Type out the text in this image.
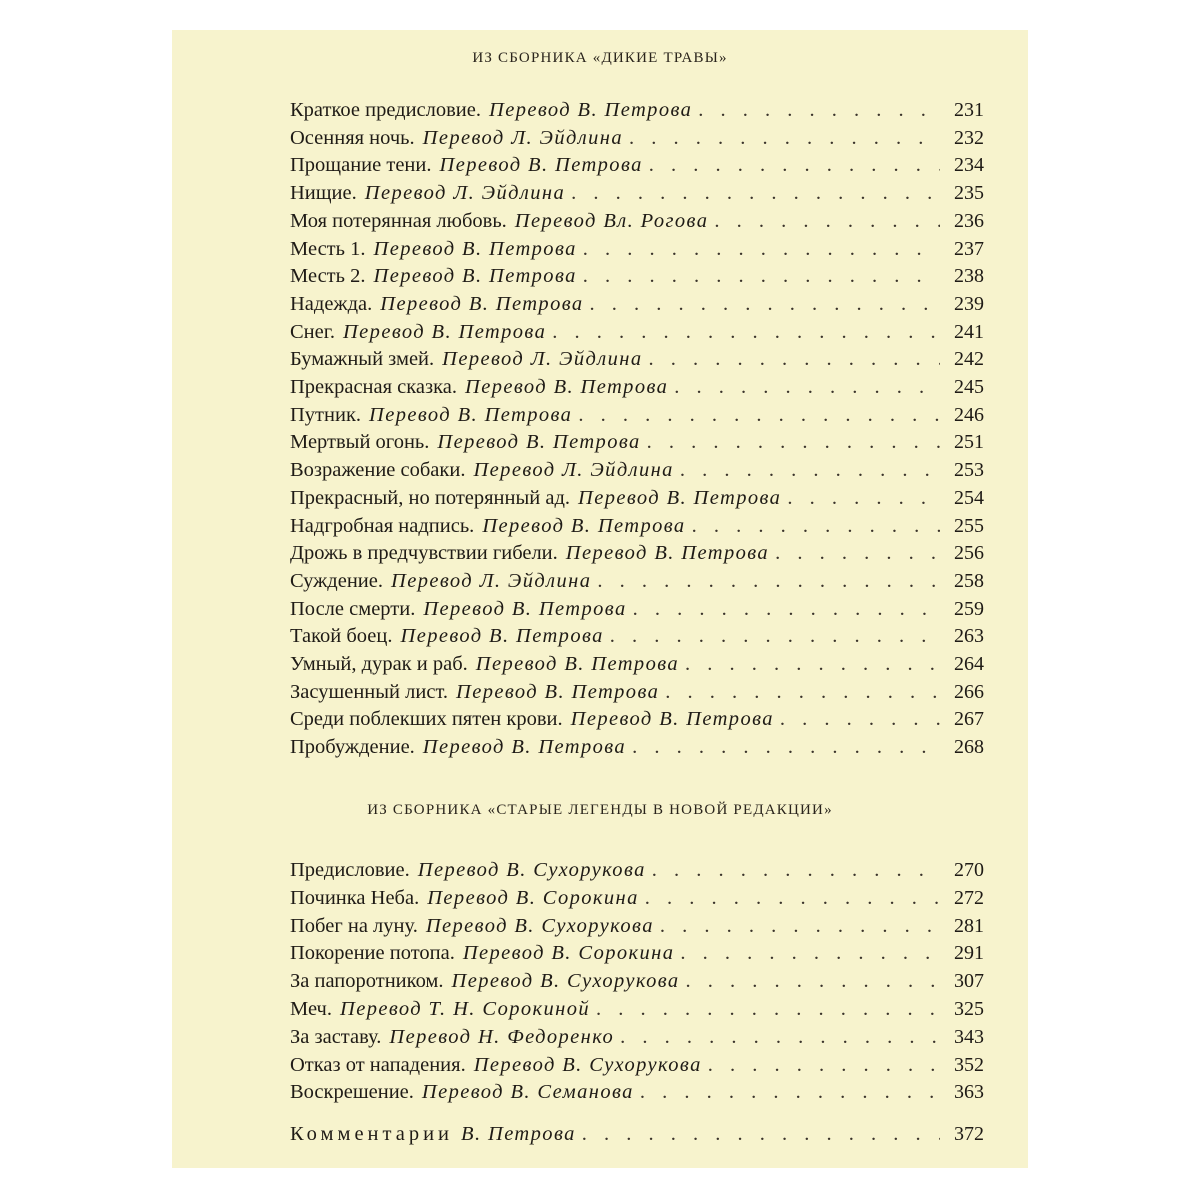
ИЗ СБОРНИКА «ДИКИЕ ТРАВЫ»
ИЗ СБОРНИКА «СТАРЫЕ ЛЕГЕНДЫ В НОВОЙ РЕДАКЦИИ»
Краткое предисловие. Перевод В. Петрова . . .	231
Осенняя ночь. Перевод Л. Эйдлина . . .	232
Прощание тени. Перевод В. Петрова . . .	234
Нищие. Перевод Л. Эйдлина . . .	235
Моя потерянная любовь. Перевод Вл. Рогова . . .	236
Месть 1. Перевод В. Петрова . . .	237
Месть 2. Перевод В. Петрова . . .	238
Надежда. Перевод В. Петрова . . .	239
Снег. Перевод В. Петрова . . .	241
Бумажный змей. Перевод Л. Эйдлина . . .	242
Прекрасная сказка. Перевод В. Петрова . . .	245
Путник. Перевод В. Петрова . . .	246
Мертвый огонь. Перевод В. Петрова . . .	251
Возражение собаки. Перевод Л. Эйдлина . . .	253
Прекрасный, но потерянный ад. Перевод В. Петрова . . .	254
Надгробная надпись. Перевод В. Петрова . . .	255
Дрожь в предчувствии гибели. Перевод В. Петрова . . .	256
Суждение. Перевод Л. Эйдлина . . .	258
После смерти. Перевод В. Петрова . . .	259
Такой боец. Перевод В. Петрова . . .	263
Умный, дурак и раб. Перевод В. Петрова . . .	264
Засушенный лист. Перевод В. Петрова . . .	266
Среди поблекших пятен крови. Перевод В. Петрова . . .	267
Пробуждение. Перевод В. Петрова . . .	268
Предисловие. Перевод В. Сухорукова . . .	270
Починка Неба. Перевод В. Сорокина . . .	272
Побег на луну. Перевод В. Сухорукова . . .	281
Покорение потопа. Перевод В. Сорокина . . .	291
За папоротником. Перевод В. Сухорукова . . .	307
Меч. Перевод Т. Н. Сорокиной . . .	325
За заставу. Перевод Н. Федоренко . . .	343
Отказ от нападения. Перевод В. Сухорукова . . .	352
Воскрешение. Перевод В. Семанова . . .	363
Комментарии В. Петрова . . .	372
